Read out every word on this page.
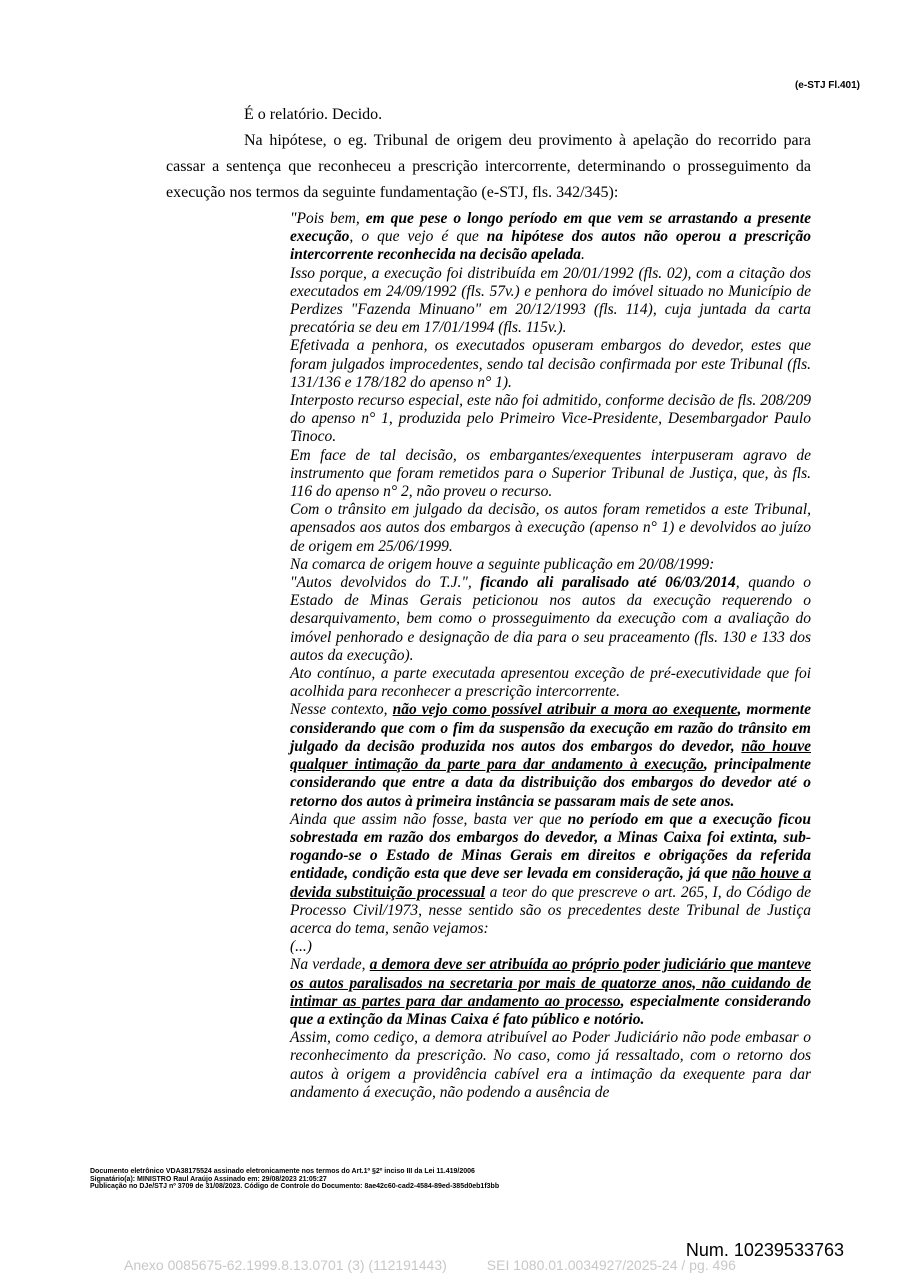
(e-STJ Fl.401)

É o relatório. Decido.

Na hipótese, o eg. Tribunal de origem deu provimento à apelação do recorrido para cassar a sentença que reconheceu a prescrição intercorrente, determinando o prosseguimento da execução nos termos da seguinte fundamentação (e-STJ, fls. 342/345):

"Pois bem, em que pese o longo período em que vem se arrastando a presente execução, o que vejo é que na hipótese dos autos não operou a prescrição intercorrente reconhecida na decisão apelada.

Isso porque, a execução foi distribuída em 20/01/1992 (fls. 02), com a citação dos executados em 24/09/1992 (fls. 57v.) e penhora do imóvel situado no Município de Perdizes "Fazenda Minuano" em 20/12/1993 (fls. 114), cuja juntada da carta precatória se deu em 17/01/1994 (fls. 115v.).

Efetivada a penhora, os executados opuseram embargos do devedor, estes que foram julgados improcedentes, sendo tal decisão confirmada por este Tribunal (fls. 131/136 e 178/182 do apenso n° 1).

Interposto recurso especial, este não foi admitido, conforme decisão de fls. 208/209 do apenso n° 1, produzida pelo Primeiro Vice-Presidente, Desembargador Paulo Tinoco.

Em face de tal decisão, os embargantes/exequentes interpuseram agravo de instrumento que foram remetidos para o Superior Tribunal de Justiça, que, às fls. 116 do apenso n° 2, não proveu o recurso.

Com o trânsito em julgado da decisão, os autos foram remetidos a este Tribunal, apensados aos autos dos embargos à execução (apenso n° 1) e devolvidos ao juízo de origem em 25/06/1999.

Na comarca de origem houve a seguinte publicação em 20/08/1999:

"Autos devolvidos do T.J.", ficando ali paralisado até 06/03/2014, quando o Estado de Minas Gerais peticionou nos autos da execução requerendo o desarquivamento, bem como o prosseguimento da execução com a avaliação do imóvel penhorado e designação de dia para o seu praceamento (fls. 130 e 133 dos autos da execução).

Ato contínuo, a parte executada apresentou exceção de pré-executividade que foi acolhida para reconhecer a prescrição intercorrente.

Nesse contexto, não vejo como possível atribuir a mora ao exequente, mormente considerando que com o fim da suspensão da execução em razão do trânsito em julgado da decisão produzida nos autos dos embargos do devedor, não houve qualquer intimação da parte para dar andamento à execução, principalmente considerando que entre a data da distribuição dos embargos do devedor até o retorno dos autos à primeira instância se passaram mais de sete anos.

Ainda que assim não fosse, basta ver que no período em que a execução ficou sobrestada em razão dos embargos do devedor, a Minas Caixa foi extinta, sub-rogando-se o Estado de Minas Gerais em direitos e obrigações da referida entidade, condição esta que deve ser levada em consideração, já que não houve a devida substituição processual a teor do que prescreve o art. 265, I, do Código de Processo Civil/1973, nesse sentido são os precedentes deste Tribunal de Justiça acerca do tema, senão vejamos:

(...)

Na verdade, a demora deve ser atribuída ao próprio poder judiciário que manteve os autos paralisados na secretaria por mais de quatorze anos, não cuidando de intimar as partes para dar andamento ao processo, especialmente considerando que a extinção da Minas Caixa é fato público e notório.

Assim, como cediço, a demora atribuível ao Poder Judiciário não pode embasar o reconhecimento da prescrição. No caso, como já ressaltado, com o retorno dos autos à origem a providência cabível era a intimação da exequente para dar andamento á execução, não podendo a ausência de

Documento eletrônico VDA38175524 assinado eletronicamente nos termos do Art.1º §2º inciso III da Lei 11.419/2006
Signatário(a): MINISTRO Raul Araújo Assinado em: 29/08/2023 21:05:27
Publicação no DJe/STJ nº 3709 de 31/08/2023. Código de Controle do Documento: 8ae42c60-cad2-4584-89ed-385d0eb1f3bb
Num. 10239533763
Anexo 0085675-62.1999.8.13.0701 (3) (112191443)	SEI 1080.01.0034927/2025-24 / pg. 496
